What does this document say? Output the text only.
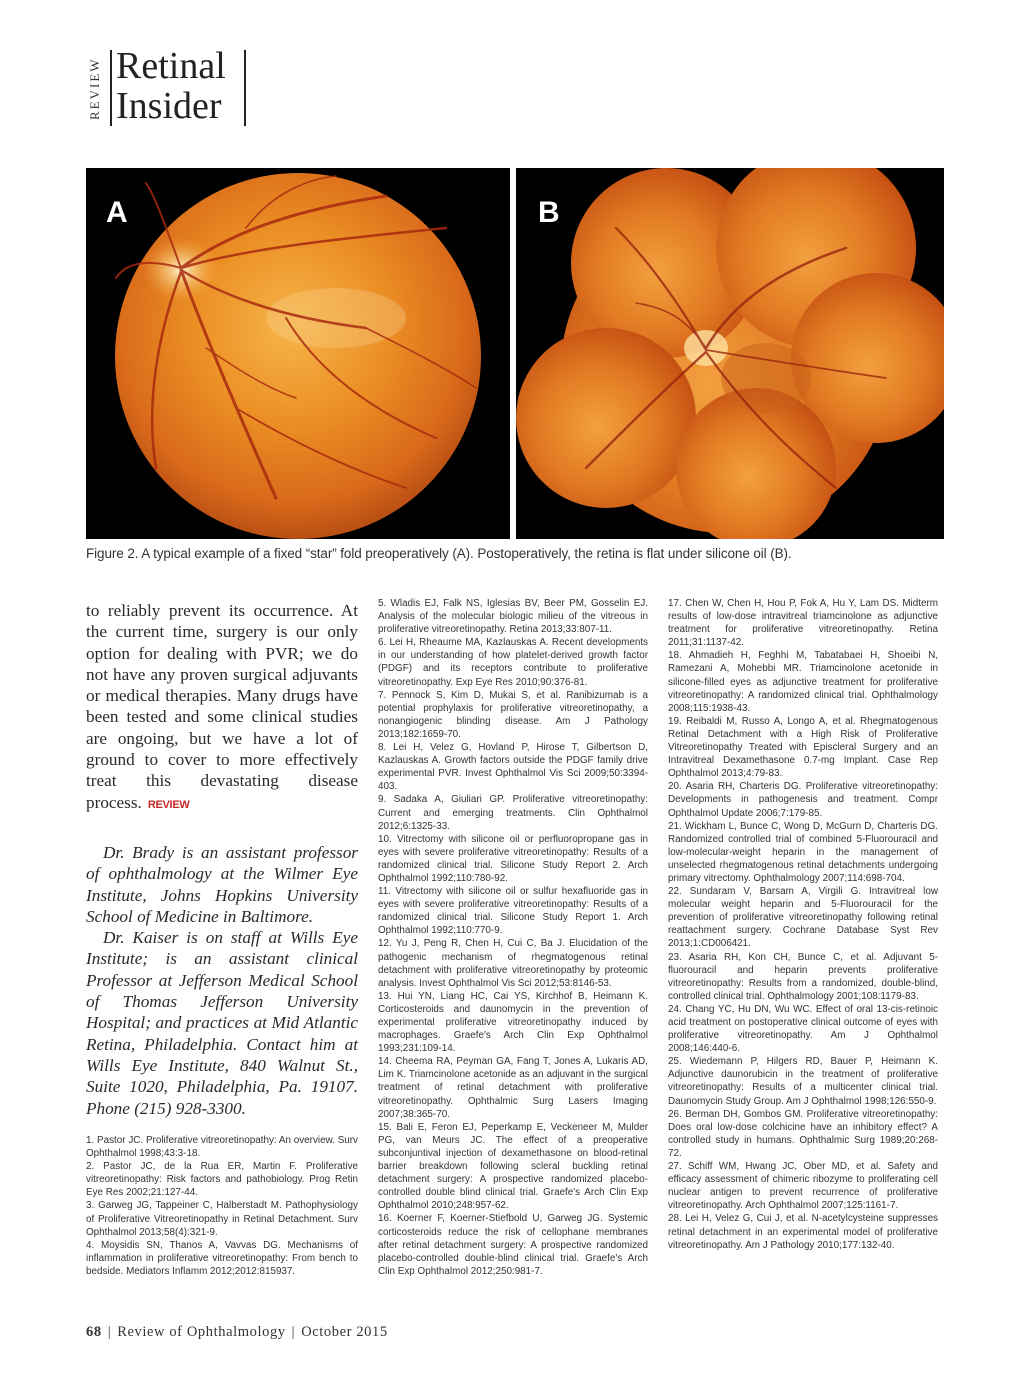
REVIEW Retinal
Insider
A	B
Figure 2. A typical example of a fixed “star” fold preoperatively (A). Postoperatively, the retina is flat under silicone oil (B).

to reliably prevent its occurrence. At the current time, surgery is our only option for dealing with PVR; we do not have any proven surgical adjuvants or medical therapies. Many drugs have been tested and some clinical studies are ongoing, but we have a lot of ground to cover to more effectively treat this devastating disease process. REVIEW

Dr. Brady is an assistant professor of ophthalmology at the Wilmer Eye Institute, Johns Hopkins University School of Medicine in Baltimore.

Dr. Kaiser is on staff at Wills Eye Institute; is an assistant clinical Professor at Jefferson Medical School of Thomas Jefferson University Hospital; and practices at Mid Atlantic Retina, Philadelphia. Contact him at Wills Eye Institute, 840 Walnut St., Suite 1020, Philadelphia, Pa. 19107. Phone (215) 928-3300.

1. Pastor JC. Proliferative vitreoretinopathy: An overview. Surv Ophthalmol 1998;43:3-18.
2. Pastor JC, de la Rua ER, Martin F. Proliferative vitreoretinopathy: Risk factors and pathobiology. Prog Retin Eye Res 2002;21:127-44.
3. Garweg JG, Tappeiner C, Halberstadt M. Pathophysiology of Proliferative Vitreoretinopathy in Retinal Detachment. Surv Ophthalmol 2013;58(4):321-9.
4. Moysidis SN, Thanos A, Vavvas DG. Mechanisms of inflammation in proliferative vitreoretinopathy: From bench to bedside. Mediators Inflamm 2012;2012:815937.
5. Wladis EJ, Falk NS, Iglesias BV, Beer PM, Gosselin EJ. Analysis of the molecular biologic milieu of the vitreous in proliferative vitreoretinopathy. Retina 2013;33:807-11.
6. Lei H, Rheaume MA, Kazlauskas A. Recent developments in our understanding of how platelet-derived growth factor (PDGF) and its receptors contribute to proliferative vitreoretinopathy. Exp Eye Res 2010;90:376-81.
7. Pennock S, Kim D, Mukai S, et al. Ranibizumab is a potential prophylaxis for proliferative vitreoretinopathy, a nonangiogenic blinding disease. Am J Pathology 2013;182:1659-70.
8. Lei H, Velez G, Hovland P, Hirose T, Gilbertson D, Kazlauskas A. Growth factors outside the PDGF family drive experimental PVR. Invest Ophthalmol Vis Sci 2009;50:3394-403.
9. Sadaka A, Giuliari GP. Proliferative vitreoretinopathy: Current and emerging treatments. Clin Ophthalmol 2012;6:1325-33.
10. Vitrectomy with silicone oil or perfluoropropane gas in eyes with severe proliferative vitreoretinopathy: Results of a randomized clinical trial. Silicone Study Report 2. Arch Ophthalmol 1992;110:780-92.
11. Vitrectomy with silicone oil or sulfur hexafluoride gas in eyes with severe proliferative vitreoretinopathy: Results of a randomized clinical trial. Silicone Study Report 1. Arch Ophthalmol 1992;110:770-9.
12. Yu J, Peng R, Chen H, Cui C, Ba J. Elucidation of the pathogenic mechanism of rhegmatogenous retinal detachment with proliferative vitreoretinopathy by proteomic analysis. Invest Ophthalmol Vis Sci 2012;53:8146-53.
13. Hui YN, Liang HC, Cai YS, Kirchhof B, Heimann K. Corticosteroids and daunomycin in the prevention of experimental proliferative vitreoretinopathy induced by macrophages. Graefe's Arch Clin Exp Ophthalmol 1993;231:109-14.
14. Cheema RA, Peyman GA, Fang T, Jones A, Lukaris AD, Lim K. Triamcinolone acetonide as an adjuvant in the surgical treatment of retinal detachment with proliferative vitreoretinopathy. Ophthalmic Surg Lasers Imaging 2007;38:365-70.
15. Bali E, Feron EJ, Peperkamp E, Veckeneer M, Mulder PG, van Meurs JC. The effect of a preoperative subconjuntival injection of dexamethasone on blood-retinal barrier breakdown following scleral buckling retinal detachment surgery: A prospective randomized placebo-controlled double blind clinical trial. Graefe's Arch Clin Exp Ophthalmol 2010;248:957-62.
16. Koerner F, Koerner-Stiefbold U, Garweg JG. Systemic corticosteroids reduce the risk of cellophane membranes after retinal detachment surgery: A prospective randomized placebo-controlled double-blind clinical trial. Graefe's Arch Clin Exp Ophthalmol 2012;250:981-7.
17. Chen W, Chen H, Hou P, Fok A, Hu Y, Lam DS. Midterm results of low-dose intravitreal triamcinolone as adjunctive treatment for proliferative vitreoretinopathy. Retina 2011;31:1137-42.
18. Ahmadieh H, Feghhi M, Tabatabaei H, Shoeibi N, Ramezani A, Mohebbi MR. Triamcinolone acetonide in silicone-filled eyes as adjunctive treatment for proliferative vitreoretinopathy: A randomized clinical trial. Ophthalmology 2008;115:1938-43.
19. Reibaldi M, Russo A, Longo A, et al. Rhegmatogenous Retinal Detachment with a High Risk of Proliferative Vitreoretinopathy Treated with Episcleral Surgery and an Intravitreal Dexamethasone 0.7-mg Implant. Case Rep Ophthalmol 2013;4:79-83.
20. Asaria RH, Charteris DG. Proliferative vitreoretinopathy: Developments in pathogenesis and treatment. Compr Ophthalmol Update 2006;7:179-85.
21. Wickham L, Bunce C, Wong D, McGurn D, Charteris DG. Randomized controlled trial of combined 5-Fluorouracil and low-molecular-weight heparin in the management of unselected rhegmatogenous retinal detachments undergoing primary vitrectomy. Ophthalmology 2007;114:698-704.
22. Sundaram V, Barsam A, Virgili G. Intravitreal low molecular weight heparin and 5-Fluorouracil for the prevention of proliferative vitreoretinopathy following retinal reattachment surgery. Cochrane Database Syst Rev 2013;1:CD006421.
23. Asaria RH, Kon CH, Bunce C, et al. Adjuvant 5-fluorouracil and heparin prevents proliferative vitreoretinopathy: Results from a randomized, double-blind, controlled clinical trial. Ophthalmology 2001;108:1179-83.
24. Chang YC, Hu DN, Wu WC. Effect of oral 13-cis-retinoic acid treatment on postoperative clinical outcome of eyes with proliferative vitreoretinopathy. Am J Ophthalmol 2008;146:440-6.
25. Wiedemann P, Hilgers RD, Bauer P, Heimann K. Adjunctive daunorubicin in the treatment of proliferative vitreoretinopathy: Results of a multicenter clinical trial. Daunomycin Study Group. Am J Ophthalmol 1998;126:550-9.
26. Berman DH, Gombos GM. Proliferative vitreoretinopathy: Does oral low-dose colchicine have an inhibitory effect? A controlled study in humans. Ophthalmic Surg 1989;20:268-72.
27. Schiff WM, Hwang JC, Ober MD, et al. Safety and efficacy assessment of chimeric ribozyme to proliferating cell nuclear antigen to prevent recurrence of proliferative vitreoretinopathy. Arch Ophthalmol 2007;125:1161-7.
28. Lei H, Velez G, Cui J, et al. N-acetylcysteine suppresses retinal detachment in an experimental model of proliferative vitreoretinopathy. Am J Pathology 2010;177:132-40.
68 | Review of Ophthalmology | October 2015
